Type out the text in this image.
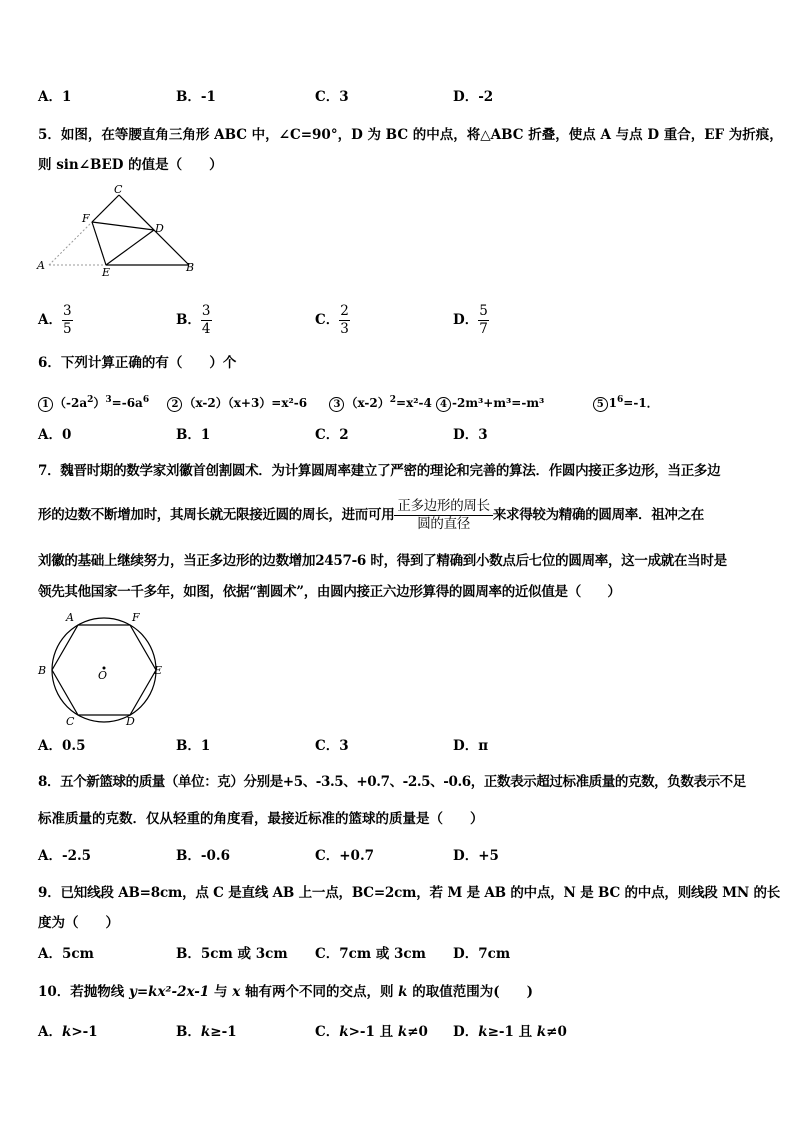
A．1	B．-1	C．3	D．-2
5．如图，在等腰直角三角形 ABC 中，∠C=90°，D 为 BC 的中点，将△ABC 折叠，使点 A 与点 D 重合，EF 为折痕，
则 sin∠BED 的值是（　　）
C
F
D
A
E	B
A． $\frac{3}{5}$	B． $\frac{3}{4}$	C． $\frac{2}{3}$	D． $\frac{5}{7}$
6．下列计算正确的有（　　）个
1 $(-2a^2)^3=-6a^6$ 2 （x-2）（x+3）=x²-6	3 $(x-2)^2=x^2-4$ 4 -2m³+m³=-m³	5 $1^6=-1$．
A．0	B．1	C．2	D．3
7．魏晋时期的数学家刘徽首创割圆术．为计算圆周率建立了严密的理论和完善的算法．作圆内接正多边形，当正多边
形的边数不断增加时，其周长就无限接近圆的周长，进而可用 $\frac{\text{正多边形的周长}}{\text{圆的直径}}$ 来求得较为精确的圆周率．祖冲之在
刘徽的基础上继续努力，当正多边形的边数增加2457-6 时，得到了精确到小数点后七位的圆周率，这一成就在当时是
领先其他国家一千多年，如图，依据“割圆术”，由圆内接正六边形算得的圆周率的近似值是（　　）
A	F
B	O	E
C	D
A．0.5	B．1	C．3	D．π
8．五个新篮球的质量（单位：克）分别是+5、-3.5、+0.7、-2.5、-0.6，正数表示超过标准质量的克数，负数表示不足
标准质量的克数．仅从轻重的角度看，最接近标准的篮球的质量是（　　）
A．-2.5	B．-0.6	C．+0.7	D．+5
9．已知线段 AB=8cm，点 C 是直线 AB 上一点，BC=2cm，若 M 是 AB 的中点，N 是 BC 的中点，则线段 MN 的长
度为（　　）
A．5cm	B．5cm 或 3cm C．7cm 或 3cm D．7cm
10．若抛物线 y=kx²-2x-1 与 x 轴有两个不同的交点，则 k 的取值范围为(　　)
A．k>-1	B．k≥-1	C．k>-1 且 k≠0 D．k≥-1 且 k≠0
